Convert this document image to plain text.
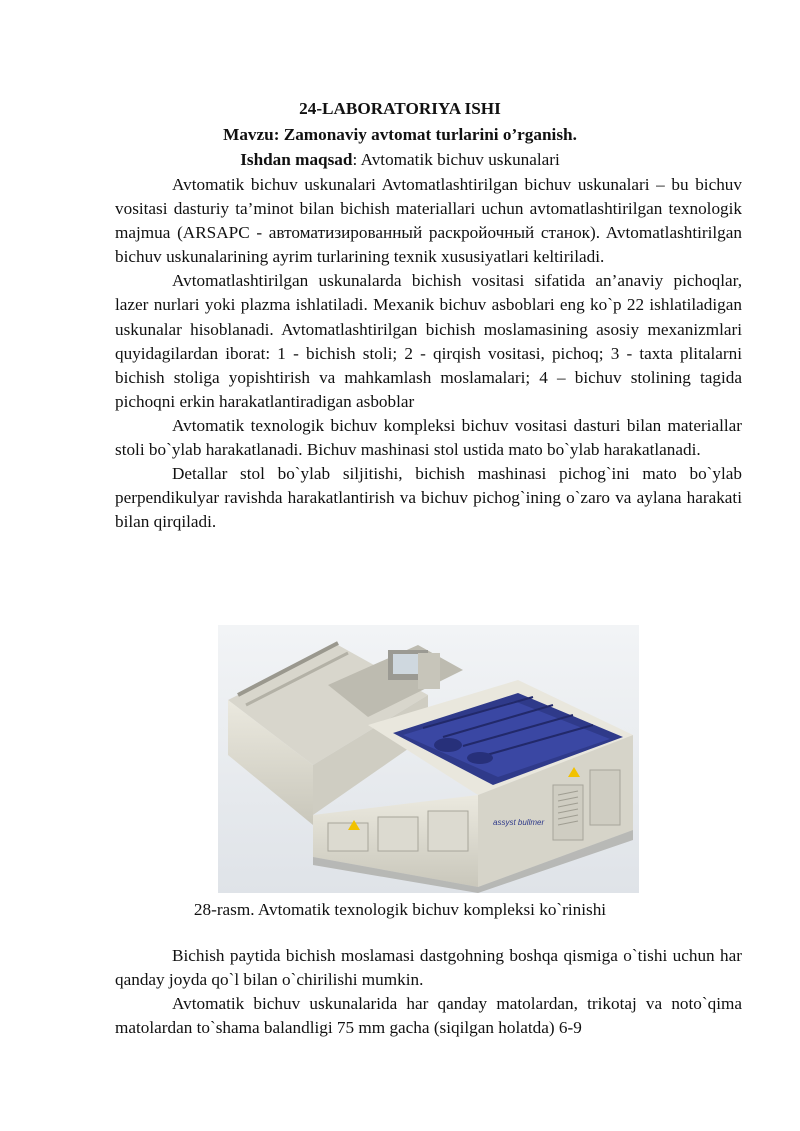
24-LABORATORIYA ISHI
Mavzu: Zamonaviy avtomat turlarini o’rganish.
Ishdan maqsad: Avtomatik bichuv uskunalari

Avtomatik bichuv uskunalari Avtomatlashtirilgan bichuv uskunalari – bu bichuv vositasi dasturiy ta’minot bilan bichish materiallari uchun avtomatlashtirilgan texnologik majmua (ARSAPC - автоматизированный раскройочный станок). Avtomatlashtirilgan bichuv uskunalarining ayrim turlarining texnik xususiyatlari keltiriladi.

Avtomatlashtirilgan uskunalarda bichish vositasi sifatida an’anaviy pichoqlar, lazer nurlari yoki plazma ishlatiladi. Mexanik bichuv asboblari eng ko`p 22 ishlatiladigan uskunalar hisoblanadi. Avtomatlashtirilgan bichish moslamasining asosiy mexanizmlari quyidagilardan iborat: 1 - bichish stoli; 2 - qirqish vositasi, pichoq; 3 - taxta plitalarni bichish stoliga yopishtirish va mahkamlash moslamalari; 4 – bichuv stolining tagida pichoqni erkin harakatlantiradigan asboblar

Avtomatik texnologik bichuv kompleksi bichuv vositasi dasturi bilan materiallar stoli bo`ylab harakatlanadi. Bichuv mashinasi stol ustida mato bo`ylab harakatlanadi.

Detallar stol bo`ylab siljitishi, bichish mashinasi pichog`ini mato bo`ylab perpendikulyar ravishda harakatlantirish va bichuv pichog`ining o`zaro va aylana harakati bilan qirqiladi.

assyst bullmer
28-rasm. Avtomatik texnologik bichuv kompleksi ko`rinishi

Bichish paytida bichish moslamasi dastgohning boshqa qismiga o`tishi uchun har qanday joyda qo`l bilan o`chirilishi mumkin.

Avtomatik bichuv uskunalarida har qanday matolardan, trikotaj va noto`qima matolardan to`shama balandligi 75 mm gacha (siqilgan holatda) 6-9
